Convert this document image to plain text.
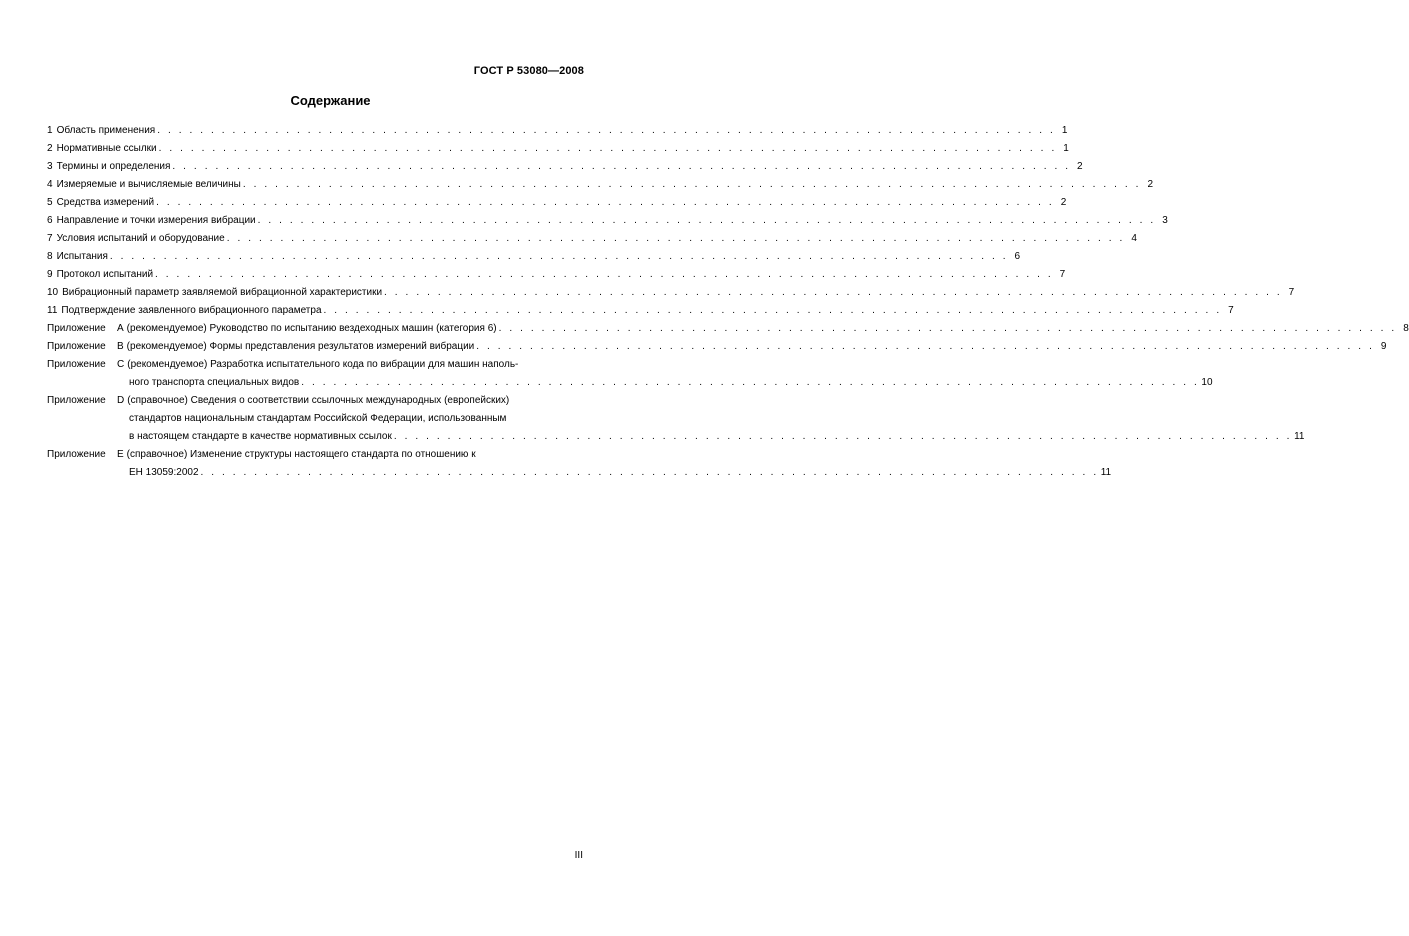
ГОСТ Р 53080—2008
Содержание
1 Область применения . . .	1
2 Нормативные ссылки . . .	1
3 Термины и определения . . .	2
4 Измеряемые и вычисляемые величины . . .	2
5 Средства измерений . . .	2
6 Направление и точки измерения вибрации . . .	3
7 Условия испытаний и оборудование . . .	4
8 Испытания . . .	6
9 Протокол испытаний . . .	7
10 Вибрационный параметр заявляемой вибрационной характеристики . . .	7
11 Подтверждение заявленного вибрационного параметра . . .	7
Приложение	A (рекомендуемое) Руководство по испытанию вездеходных машин (категория 6) . . .	8
Приложение	B (рекомендуемое) Формы представления результатов измерений вибрации . . .	9
Приложение	C (рекомендуемое) Разработка испытательного кода по вибрации для машин наполь-
ного транспорта специальных видов . . .	10
Приложение	D (справочное) Сведения о соответствии ссылочных международных (европейских)
стандартов национальным стандартам Российской Федерации, использованным
в настоящем стандарте в качестве нормативных ссылок . . .	11
Приложение	E (справочное) Изменение структуры настоящего стандарта по отношению к
ЕН 13059:2002 . . .	11
III
